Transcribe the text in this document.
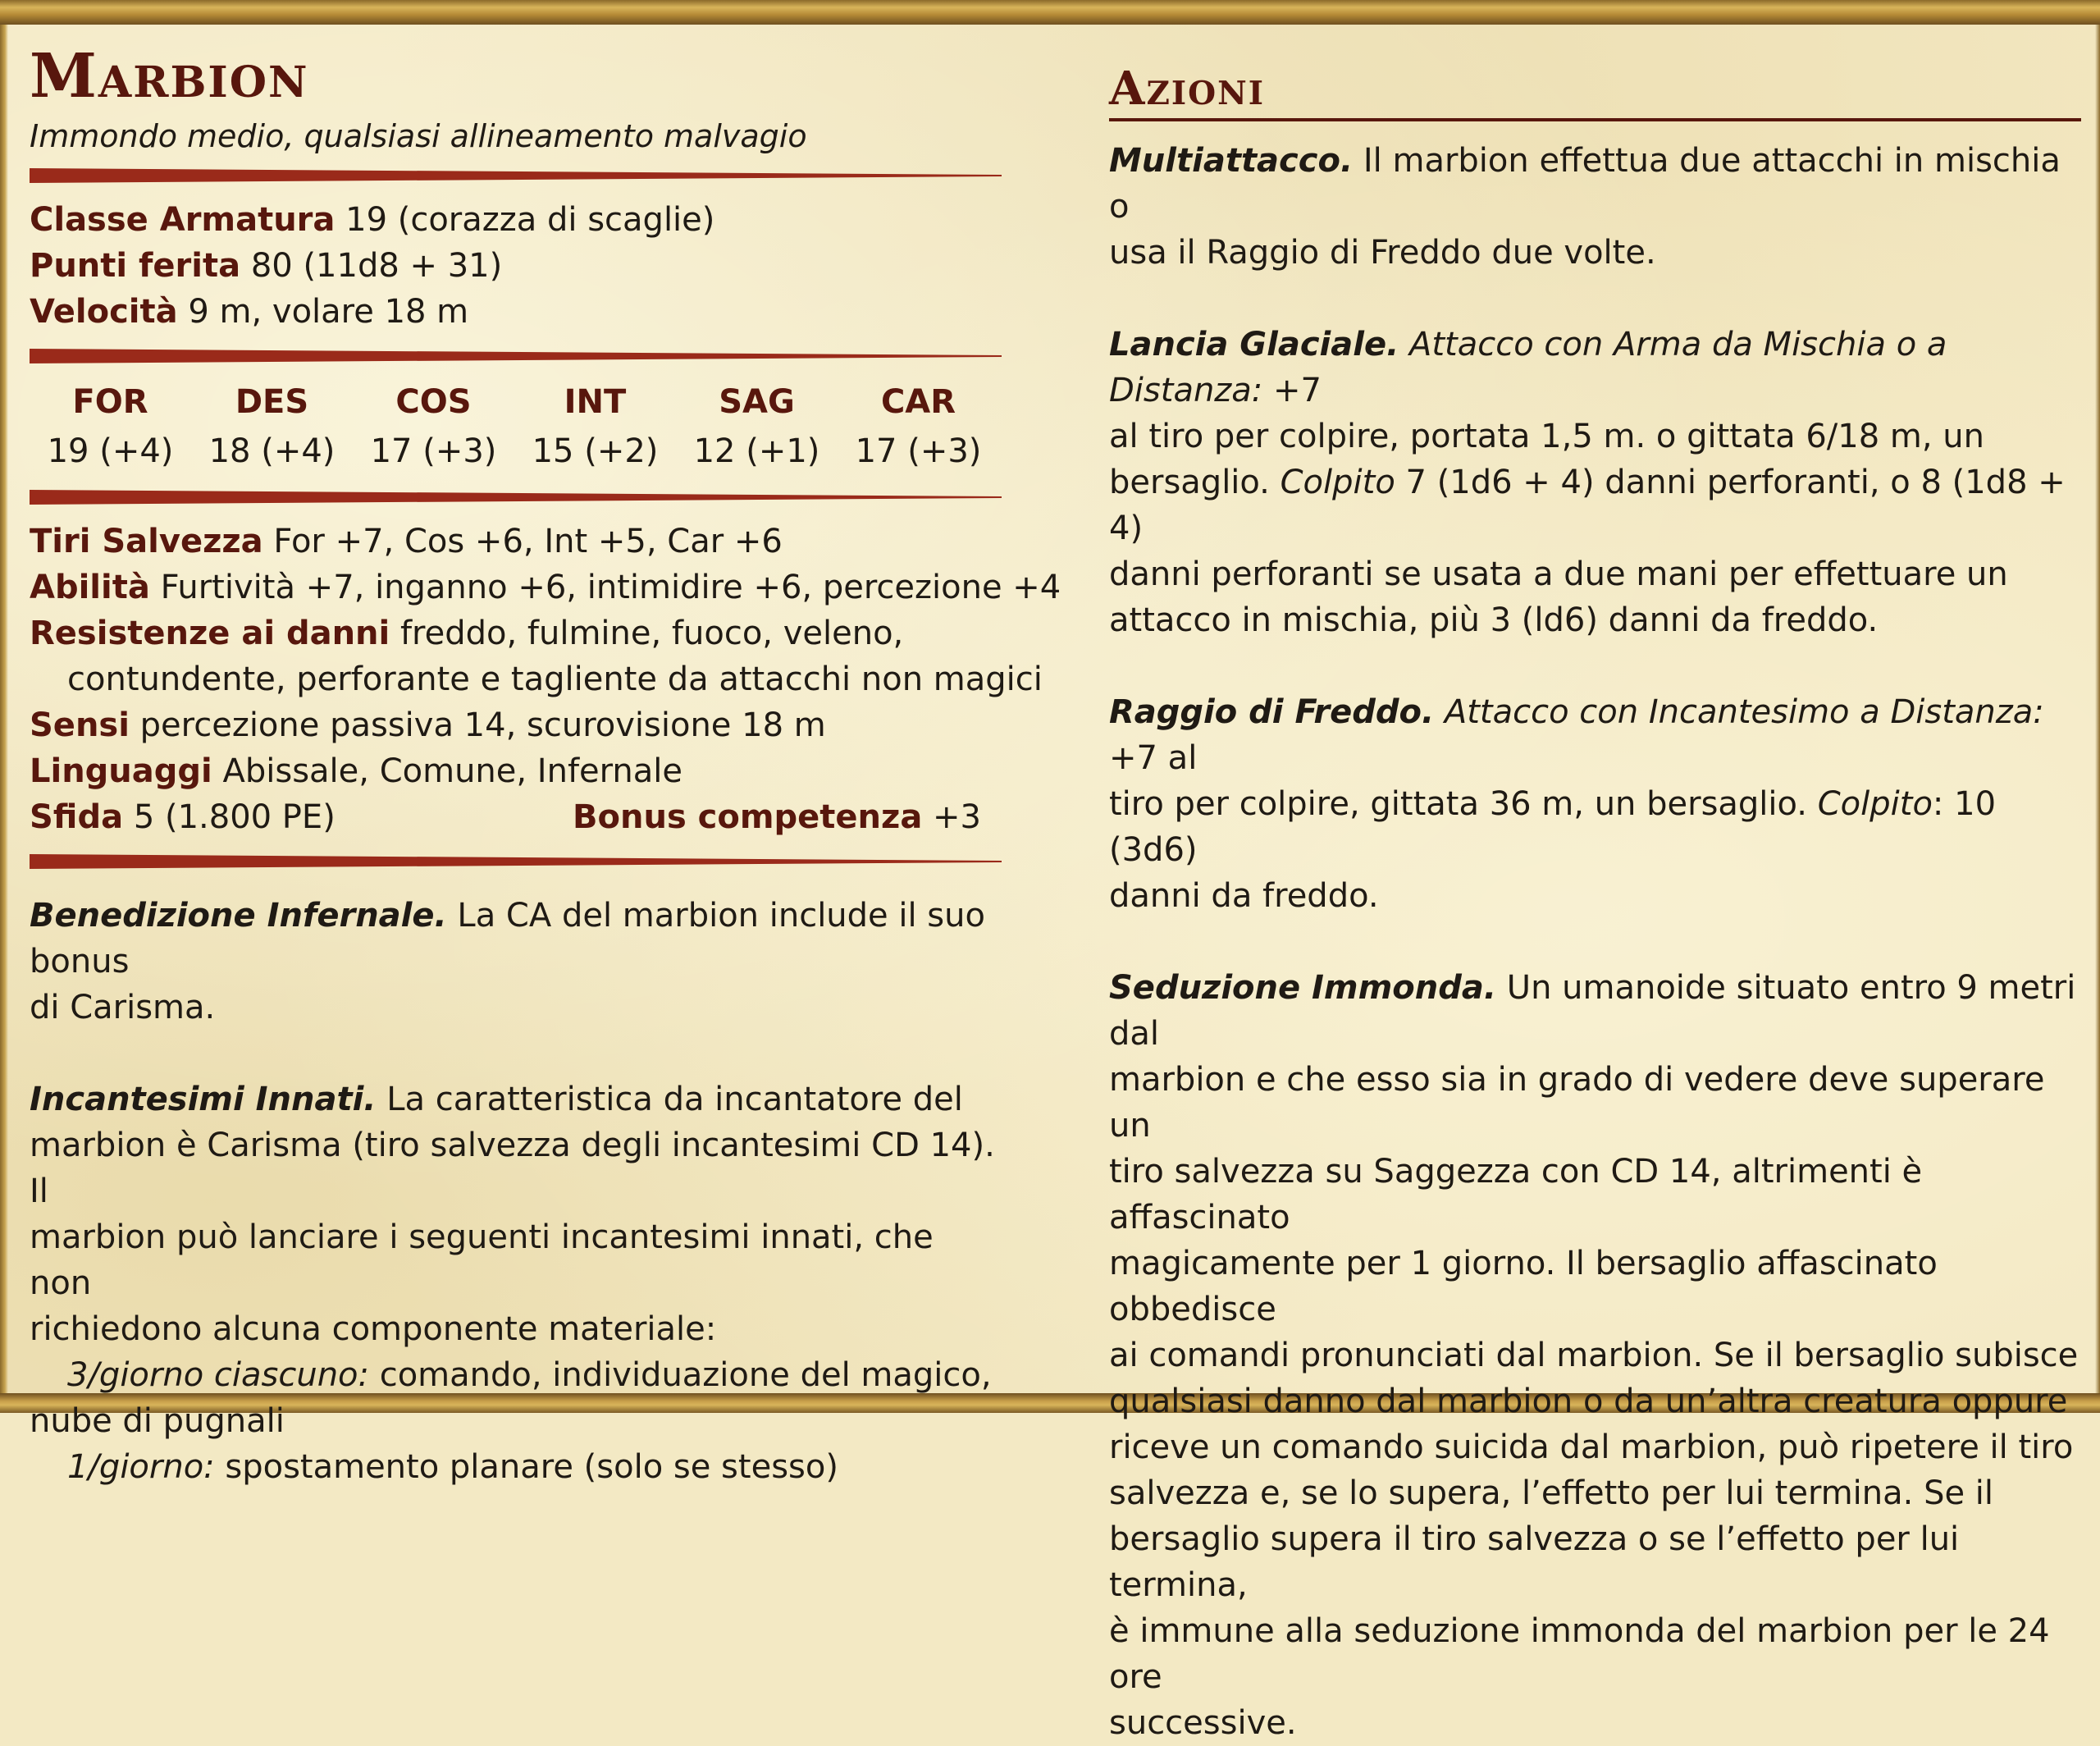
Marbion
Immondo medio, qualsiasi allineamento malvagio
Classe Armatura 19 (corazza di scaglie)
Punti ferita 80 (11d8 + 31)
Velocità 9 m, volare 18 m
FOR
19 (+4)
DES
18 (+4)
COS
17 (+3)
INT
15 (+2)
SAG
12 (+1)
CAR
17 (+3)
Tiri Salvezza For +7, Cos +6, Int +5, Car +6
Abilità Furtività +7, inganno +6, intimidire +6, percezione +4
Resistenze ai danni freddo, fulmine, fuoco, veleno,
contundente, perforante e tagliente da attacchi non magici
Sensi percezione passiva 14, scurovisione 18 m
Linguaggi Abissale, Comune, Infernale
Sfida 5 (1.800 PE)	Bonus competenza +3

Benedizione Infernale. La CA del marbion include il suo bonus
di Carisma.

Incantesimi Innati. La caratteristica da incantatore del
marbion è Carisma (tiro salvezza degli incantesimi CD 14). Il
marbion può lanciare i seguenti incantesimi innati, che non
richiedono alcuna componente materiale:
3/giorno ciascuno: comando, individuazione del magico,
nube di pugnali
1/giorno: spostamento planare (solo se stesso)

Azioni

Multiattacco. Il marbion effettua due attacchi in mischia o
usa il Raggio di Freddo due volte.

Lancia Glaciale. Attacco con Arma da Mischia o a Distanza: +7
al tiro per colpire, portata 1,5 m. o gittata 6/18 m, un
bersaglio. Colpito 7 (1d6 + 4) danni perforanti, o 8 (1d8 + 4)
danni perforanti se usata a due mani per effettuare un
attacco in mischia, più 3 (ld6) danni da freddo.

Raggio di Freddo. Attacco con Incantesimo a Distanza: +7 al
tiro per colpire, gittata 36 m, un bersaglio. Colpito: 10 (3d6)
danni da freddo.

Seduzione Immonda. Un umanoide situato entro 9 metri dal
marbion e che esso sia in grado di vedere deve superare un
tiro salvezza su Saggezza con CD 14, altrimenti è affascinato
magicamente per 1 giorno. Il bersaglio affascinato obbedisce
ai comandi pronunciati dal marbion. Se il bersaglio subisce
qualsiasi danno dal marbion o da un’altra creatura oppure
riceve un comando suicida dal marbion, può ripetere il tiro
salvezza e, se lo supera, l’effetto per lui termina. Se il
bersaglio supera il tiro salvezza o se l’effetto per lui termina,
è immune alla seduzione immonda del marbion per le 24 ore
successive.
